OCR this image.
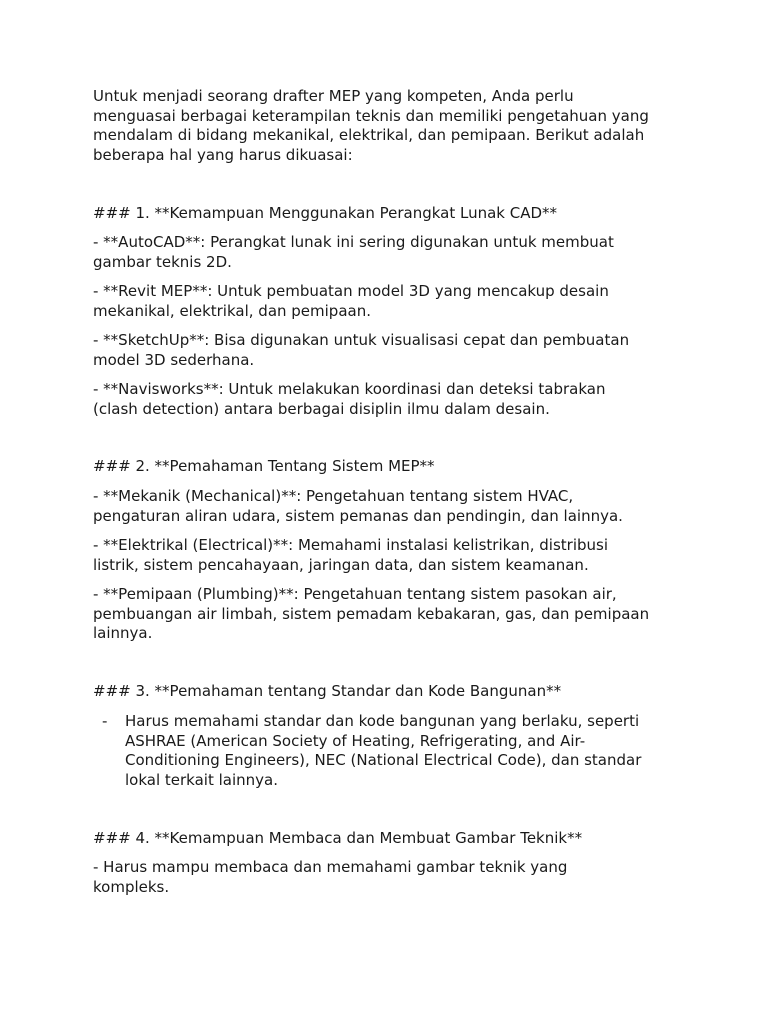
Untuk menjadi seorang drafter MEP yang kompeten, Anda perlu
menguasai berbagai keterampilan teknis dan memiliki pengetahuan yang
mendalam di bidang mekanikal, elektrikal, dan pemipaan. Berikut adalah
beberapa hal yang harus dikuasai:

### 1. **Kemampuan Menggunakan Perangkat Lunak CAD**

- **AutoCAD**: Perangkat lunak ini sering digunakan untuk membuat
gambar teknis 2D.

- **Revit MEP**: Untuk pembuatan model 3D yang mencakup desain
mekanikal, elektrikal, dan pemipaan.

- **SketchUp**: Bisa digunakan untuk visualisasi cepat dan pembuatan
model 3D sederhana.

- **Navisworks**: Untuk melakukan koordinasi dan deteksi tabrakan
(clash detection) antara berbagai disiplin ilmu dalam desain.

### 2. **Pemahaman Tentang Sistem MEP**

- **Mekanik (Mechanical)**: Pengetahuan tentang sistem HVAC,
pengaturan aliran udara, sistem pemanas dan pendingin, dan lainnya.

- **Elektrikal (Electrical)**: Memahami instalasi kelistrikan, distribusi
listrik, sistem pencahayaan, jaringan data, dan sistem keamanan.

- **Pemipaan (Plumbing)**: Pengetahuan tentang sistem pasokan air,
pembuangan air limbah, sistem pemadam kebakaran, gas, dan pemipaan
lainnya.

### 3. **Pemahaman tentang Standar dan Kode Bangunan**

- Harus memahami standar dan kode bangunan yang berlaku, seperti
ASHRAE (American Society of Heating, Refrigerating, and Air-
Conditioning Engineers), NEC (National Electrical Code), dan standar
lokal terkait lainnya.

### 4. **Kemampuan Membaca dan Membuat Gambar Teknik**

- Harus mampu membaca dan memahami gambar teknik yang
kompleks.
